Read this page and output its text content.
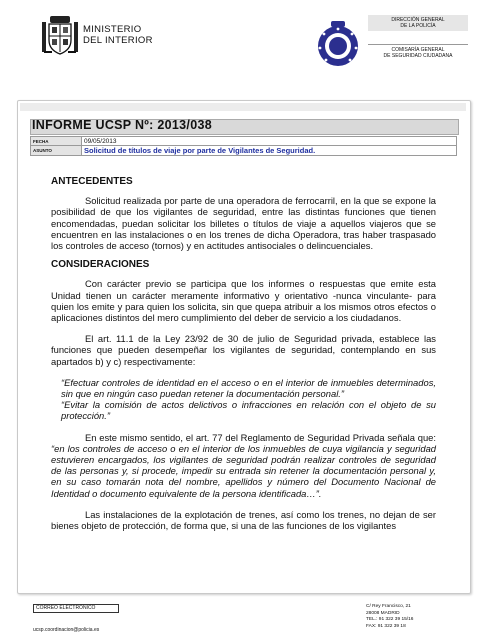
MINISTERIO
DEL INTERIOR
DIRECCIÓN GENERAL
DE LA POLICÍA
COMISARÍA GENERAL
DE SEGURIDAD CIUDADANA
INFORME UCSP Nº: 2013/038
FECHA	09/05/2013
ASUNTO	Solicitud de títulos de viaje por parte de Vigilantes de Seguridad.

ANTECEDENTES

Solicitud realizada por parte de una operadora de ferrocarril, en la que se expone la posibilidad de que los vigilantes de seguridad, entre las distintas funciones que tienen encomendadas, puedan solicitar los billetes o títulos de viaje a aquellos viajeros que se encuentren en las instalaciones o en los trenes de dicha Operadora, tras haber traspasado los controles de acceso (tornos) y en actitudes antisociales o delincuenciales.

CONSIDERACIONES

Con carácter previo se participa que los informes o respuestas que emite esta Unidad tienen un carácter meramente informativo y orientativo -nunca vinculante- para quien los emite y para quien los solicita, sin que quepa atribuir a los mismos otros efectos o aplicaciones distintos del mero cumplimiento del deber de servicio a los ciudadanos.

El art. 11.1 de la Ley 23/92 de 30 de julio de Seguridad privada, establece las funciones que pueden desempeñar los vigilantes de seguridad, contemplando en sus apartados b) y c) respectivamente:

“Efectuar controles de identidad en el acceso o en el interior de inmuebles determinados, sin que en ningún caso puedan retener la documentación personal.”

“Evitar la comisión de actos delictivos o infracciones en relación con el objeto de su protección.”

En este mismo sentido, el art. 77 del Reglamento de Seguridad Privada señala que: “en los controles de acceso o en el interior de los inmuebles de cuya vigilancia y seguridad estuvieren encargados, los vigilantes de seguridad podrán realizar controles de seguridad de las personas y, si procede, impedir su entrada sin retener la documentación personal y, en su caso tomarán nota del nombre, apellidos y número del Documento Nacional de Identidad o documento equivalente de la persona identificada…”.

Las instalaciones de la explotación de trenes, así como los trenes, no dejan de ser bienes objeto de protección, de forma que, si una de las funciones de los vigilantes

CORREO ELECTRÓNICO
ucsp.coordinacion@policia.es
C/ Rey Francisco, 21
28008 MADRID
TEL.: 91 322 39 15/16
FAX: 91 322 39 18
